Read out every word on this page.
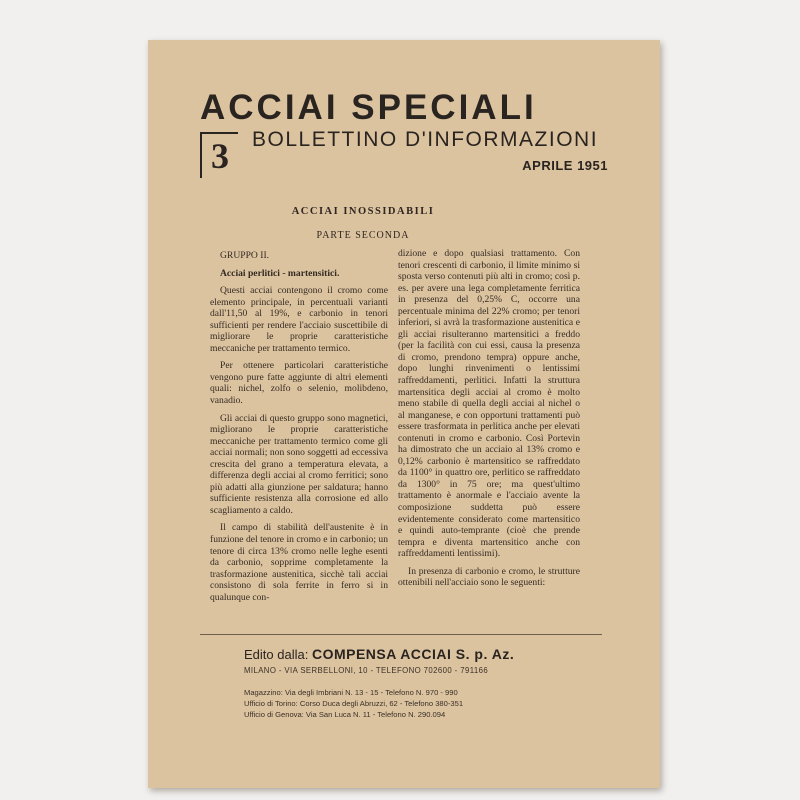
ACCIAI SPECIALI
3	BOLLETTINO D'INFORMAZIONI
APRILE 1951
ACCIAI INOSSIDABILI
PARTE SECONDA

GRUPPO II.

Acciai perlitici - martensitici.

Questi acciai contengono il cromo come elemento principale, in percentuali varianti dall'11,50 al 19%, e carbonio in tenori sufficienti per rendere l'acciaio suscettibile di migliorare le proprie caratteristiche meccaniche per trattamento termico.

Per ottenere particolari caratteristiche vengono pure fatte aggiunte di altri elementi quali: nichel, zolfo o selenio, molibdeno, vanadio.

Gli acciai di questo gruppo sono magnetici, migliorano le proprie caratteristiche meccaniche per trattamento termico come gli acciai normali; non sono soggetti ad eccessiva crescita del grano a temperatura elevata, a differenza degli acciai al cromo ferritici; sono più adatti alla giunzione per saldatura; hanno sufficiente resistenza alla corrosione ed allo scagliamento a caldo.

Il campo di stabilità dell'austenite è in funzione del tenore in cromo e in carbonio; un tenore di circa 13% cromo nelle leghe esenti da carbonio, sopprime completamente la trasformazione austenitica, sicchè tali acciai consistono di sola ferrite in ferro si in qualunque con-

dizione e dopo qualsiasi trattamento. Con tenori crescenti di carbonio, il limite minimo si sposta verso contenuti più alti in cromo; così p. es. per avere una lega completamente ferritica in presenza del 0,25% C, occorre una percentuale minima del 22% cromo; per tenori inferiori, si avrà la trasformazione austenitica e gli acciai risulteranno martensitici a freddo (per la facilità con cui essi, causa la presenza di cromo, prendono tempra) oppure anche, dopo lunghi rinvenimenti o lentissimi raffreddamenti, perlitici. Infatti la struttura martensitica degli acciai al cromo è molto meno stabile di quella degli acciai al nichel o al manganese, e con opportuni trattamenti può essere trasformata in perlitica anche per elevati contenuti in cromo e carbonio. Così Portevin ha dimostrato che un acciaio al 13% cromo e 0,12% carbonio è martensitico se raffreddato da 1100° in quattro ore, perlitico se raffreddato da 1300° in 75 ore; ma quest'ultimo trattamento è anormale e l'acciaio avente la composizione suddetta può essere evidentemente considerato come martensitico e quindi auto-temprante (cioè che prende tempra e diventa martensitico anche con raffreddamenti lentissimi).

In presenza di carbonio e cromo, le strutture ottenibili nell'acciaio sono le seguenti:

Edito dalla: COMPENSA ACCIAI S. p. Az.
MILANO - VIA SERBELLONI, 10 - TELEFONO 702600 - 791166
Magazzino: Via degli Imbriani N. 13 - 15 - Telefono N. 970 - 990
Ufficio di Torino: Corso Duca degli Abruzzi, 62 - Telefono 380-351
Ufficio di Genova: Via San Luca N. 11 - Telefono N. 290.094
